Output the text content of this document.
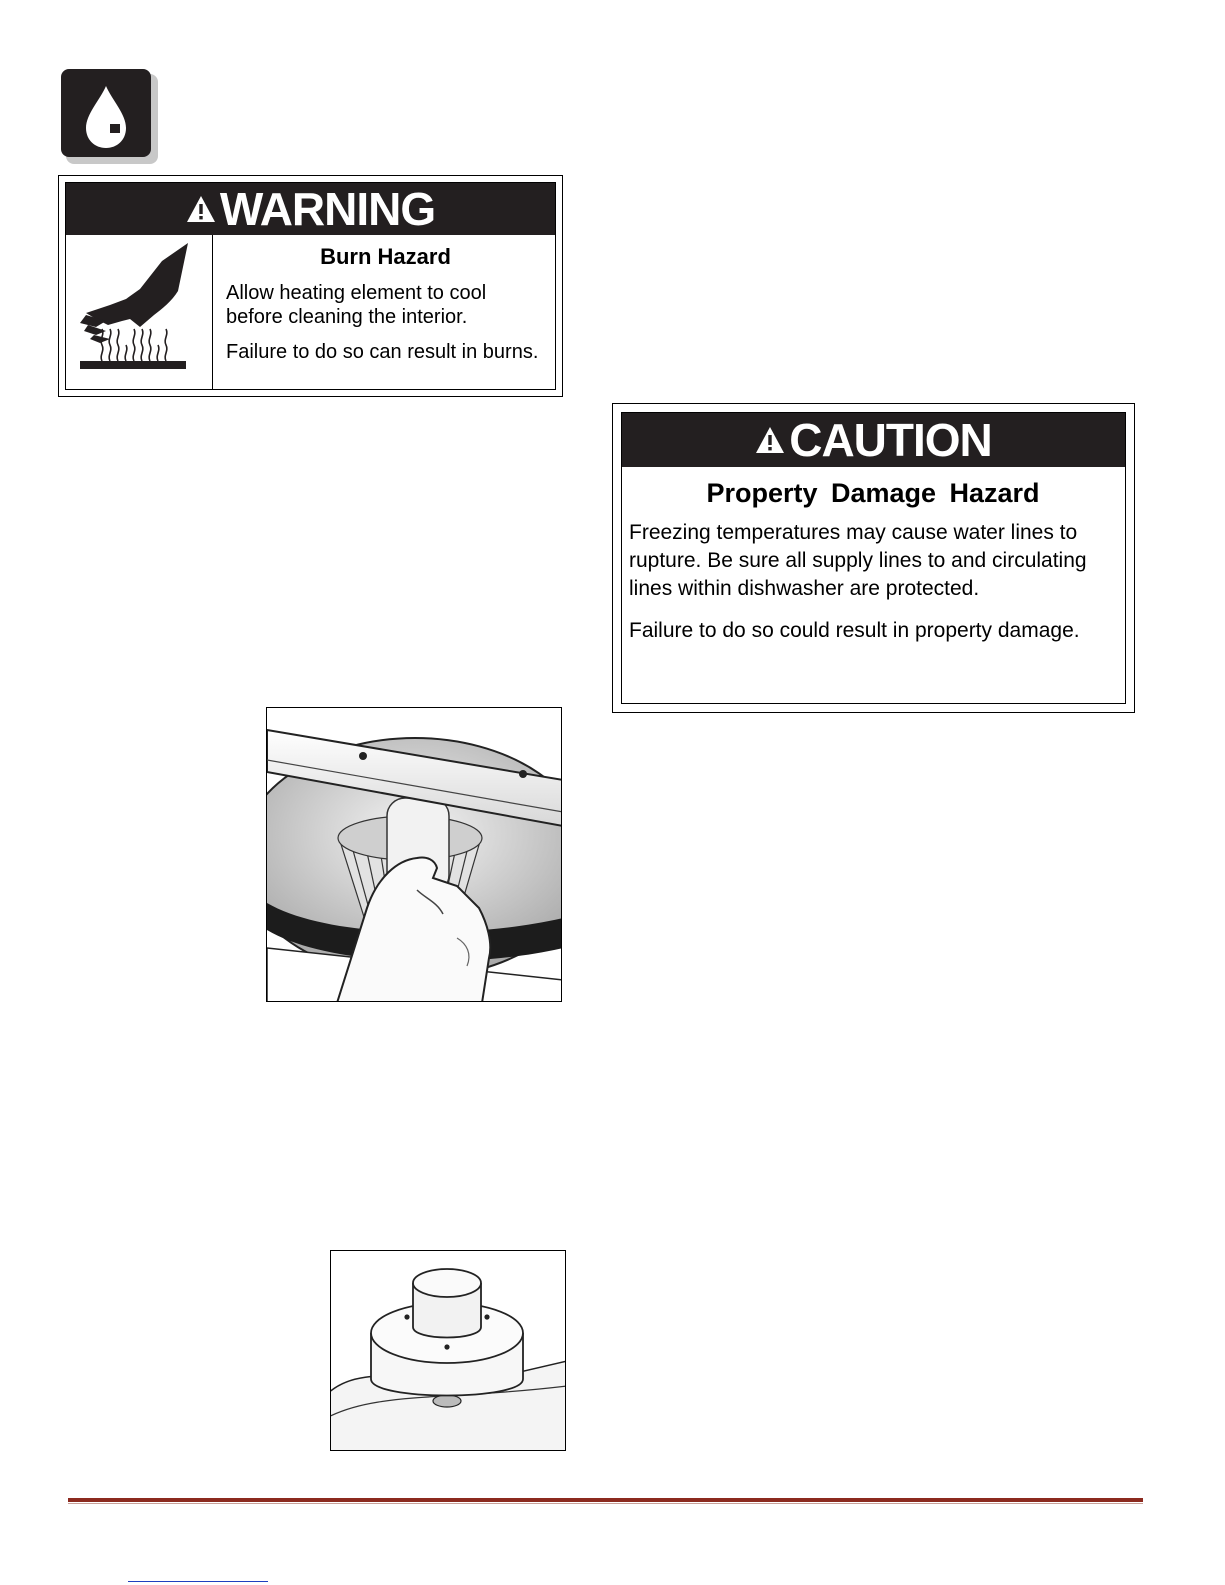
WARNING
Burn Hazard

Allow heating element to cool before cleaning the interior.

Failure to do so can result in burns.

CAUTION
Property Damage Hazard

Freezing temperatures may cause water lines to rupture. Be sure all supply lines to and circulating lines within dishwasher are protected.

Failure to do so could result in property damage.
